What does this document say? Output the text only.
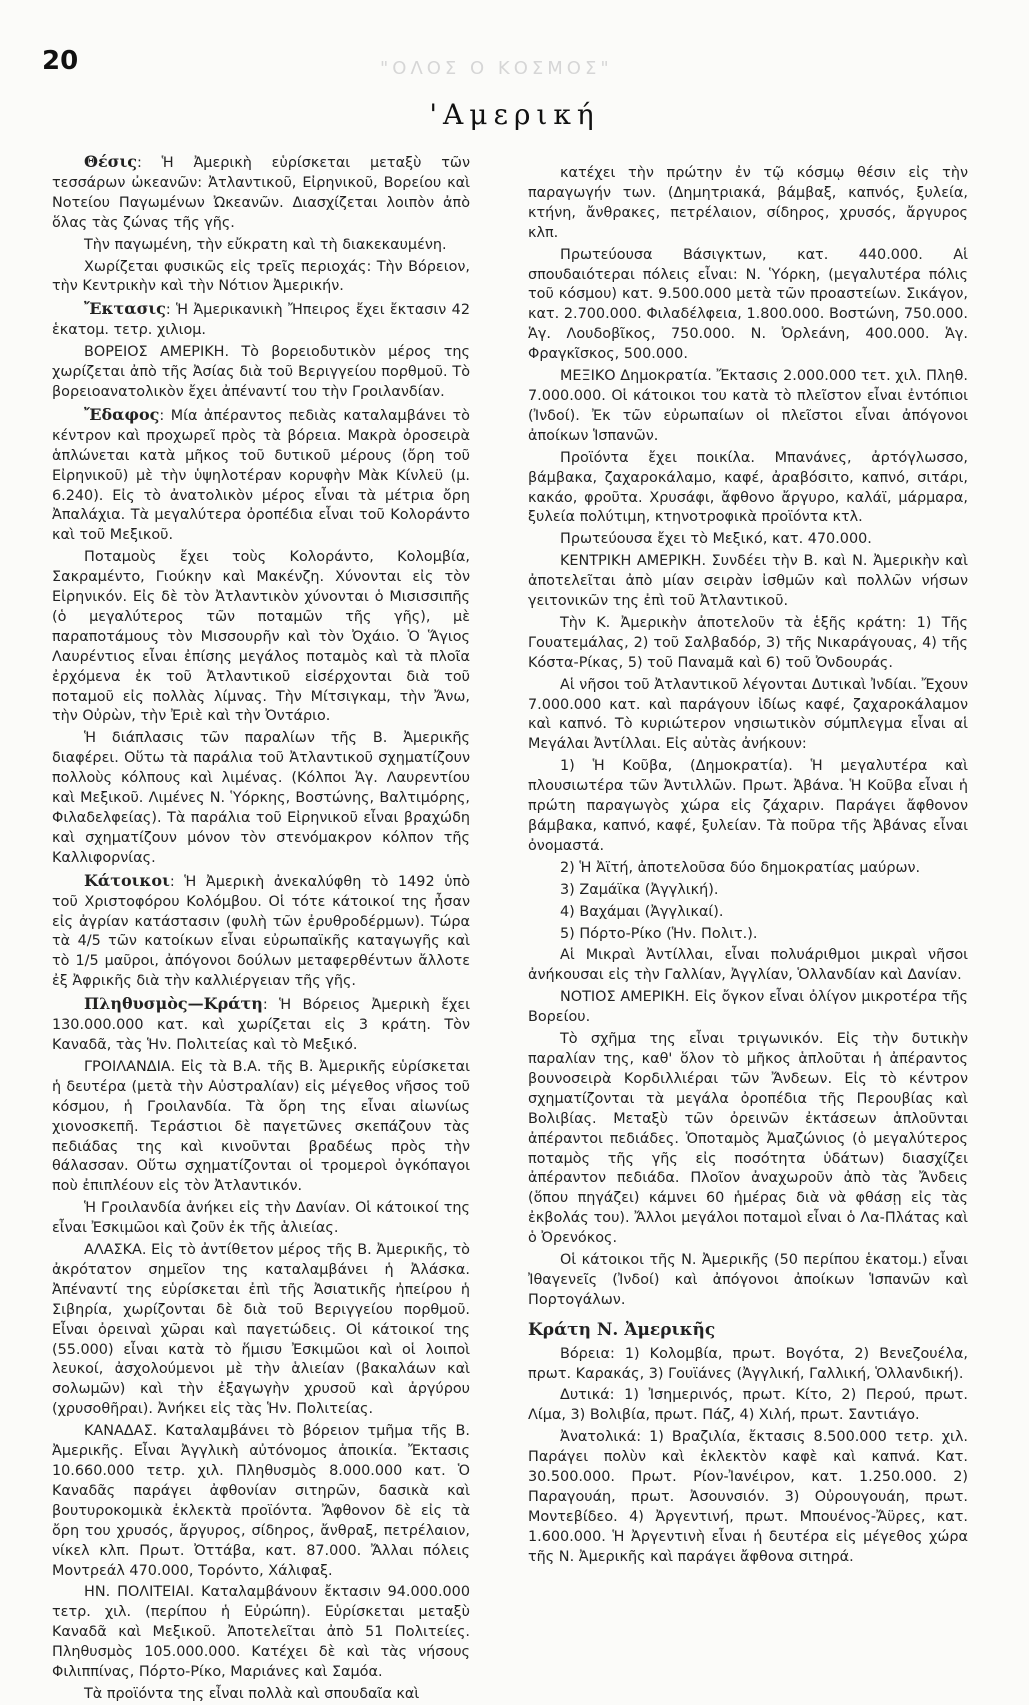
20	"ΟΛΟΣ Ο ΚΟΣΜΟΣ"
'Αμερική

Θέσις: Ἡ Ἀμερικὴ εὑρίσκεται μεταξὺ τῶν τεσσάρων ὠκεανῶν: Ἀτλαντικοῦ, Εἰρηνικοῦ, Βορείου καὶ Νοτείου Παγωμένων Ὠκεανῶν. Διασχίζεται λοιπὸν ἀπὸ ὅλας τὰς ζώνας τῆς γῆς.

Τὴν παγωμένη, τὴν εὔκρατη καὶ τὴ διακεκαυμένη.

Χωρίζεται φυσικῶς εἰς τρεῖς περιοχάς: Τὴν Βόρειον, τὴν Κεντρικὴν καὶ τὴν Νότιον Ἀμερικήν.

Ἔκτασις: Ἡ Ἀμερικανικὴ Ἤπειρος ἔχει ἔκτασιν 42 ἑκατομ. τετρ. χιλιομ.

ΒΟΡΕΙΟΣ ΑΜΕΡΙΚΗ. Τὸ βορειοδυτικὸν μέρος της χωρίζεται ἀπὸ τῆς Ἀσίας διὰ τοῦ Βεριγγείου πορθμοῦ. Τὸ βορειοανατολικὸν ἔχει ἀπέναντί του τὴν Γροιλανδίαν.

Ἔδαφος: Μία ἀπέραντος πεδιὰς καταλαμβάνει τὸ κέντρον καὶ προχωρεῖ πρὸς τὰ βόρεια. Μακρὰ ὀροσειρὰ ἁπλώνεται κατὰ μῆκος τοῦ δυτικοῦ μέρους (ὄρη τοῦ Εἰρηνικοῦ) μὲ τὴν ὑψηλοτέραν κορυφὴν Μὰκ Κίνλεϋ (μ. 6.240). Εἰς τὸ ἀνατολικὸν μέρος εἶναι τὰ μέτρια ὄρη Ἀπαλάχια. Τὰ μεγαλύτερα ὀροπέδια εἶναι τοῦ Κολοράντο καὶ τοῦ Μεξικοῦ.

Ποταμοὺς ἔχει τοὺς Κολοράντο, Κολομβία, Σακραμέντο, Γιούκην καὶ Μακένζη. Χύνονται εἰς τὸν Εἰρηνικόν. Εἰς δὲ τὸν Ἀτλαντικὸν χύνονται ὁ Μισισσιπῆς (ὁ μεγαλύτερος τῶν ποταμῶν τῆς γῆς), μὲ παραποτάμους τὸν Μισσουρῆν καὶ τὸν Ὀχάιο. Ὁ Ἅγιος Λαυρέντιος εἶναι ἐπίσης μεγάλος ποταμὸς καὶ τὰ πλοῖα ἐρχόμενα ἐκ τοῦ Ἀτλαντικοῦ εἰσέρχονται διὰ τοῦ ποταμοῦ εἰς πολλὰς λίμνας. Τὴν Μίτσιγκαμ, τὴν Ἄνω, τὴν Οὐρὼν, τὴν Ἐριὲ καὶ τὴν Ὀντάριο.

Ἡ διάπλασις τῶν παραλίων τῆς Β. Ἀμερικῆς διαφέρει. Οὕτω τὰ παράλια τοῦ Ἀτλαντικοῦ σχηματίζουν πολλοὺς κόλπους καὶ λιμένας. (Κόλποι Ἁγ. Λαυρεντίου καὶ Μεξικοῦ. Λιμένες Ν. Ὑόρκης, Βοστώνης, Βαλτιμόρης, Φιλαδελφείας). Τὰ παράλια τοῦ Εἰρηνικοῦ εἶναι βραχώδη καὶ σχηματίζουν μόνον τὸν στενόμακρον κόλπον τῆς Καλλιφορνίας.

Κάτοικοι: Ἡ Ἀμερικὴ ἀνεκαλύφθη τὸ 1492 ὑπὸ τοῦ Χριστοφόρου Κολόμβου. Οἱ τότε κάτοικοί της ἦσαν εἰς ἀγρίαν κατάστασιν (φυλὴ τῶν ἐρυθροδέρμων). Τώρα τὰ 4/5 τῶν κατοίκων εἶναι εὐρωπαϊκῆς καταγωγῆς καὶ τὸ 1/5 μαῦροι, ἀπόγονοι δούλων μεταφερθέντων ἄλλοτε ἐξ Ἀφρικῆς διὰ τὴν καλλιέργειαν τῆς γῆς.

Πληθυσμὸς—Κράτη: Ἡ Βόρειος Ἀμερικὴ ἔχει 130.000.000 κατ. καὶ χωρίζεται εἰς 3 κράτη. Τὸν Καναδᾶ, τὰς Ἡν. Πολιτείας καὶ τὸ Μεξικό.

ΓΡΟΙΛΑΝΔΙΑ. Εἰς τὰ Β.Α. τῆς Β. Ἀμερικῆς εὑρίσκεται ἡ δευτέρα (μετὰ τὴν Αὐστραλίαν) εἰς μέγεθος νῆσος τοῦ κόσμου, ἡ Γροιλανδία. Τὰ ὄρη της εἶναι αἰωνίως χιονοσκεπῆ. Τεράστιοι δὲ παγετῶνες σκεπάζουν τὰς πεδιάδας της καὶ κινοῦνται βραδέως πρὸς τὴν θάλασσαν. Οὕτω σχηματίζονται οἱ τρομεροὶ ὀγκόπαγοι ποὺ ἐπιπλέουν εἰς τὸν Ἀτλαντικόν.

Ἡ Γροιλανδία ἀνήκει εἰς τὴν Δανίαν. Οἱ κάτοικοί της εἶναι Ἐσκιμῶοι καὶ ζοῦν ἐκ τῆς ἁλιείας.

ΑΛΑΣΚΑ. Εἰς τὸ ἀντίθετον μέρος τῆς Β. Ἀμερικῆς, τὸ ἀκρότατον σημεῖον της καταλαμβάνει ἡ Ἀλάσκα. Ἀπέναντί της εὑρίσκεται ἐπὶ τῆς Ἀσιατικῆς ἠπείρου ἡ Σιβηρία, χωρίζονται δὲ διὰ τοῦ Βεριγγείου πορθμοῦ. Εἶναι ὀρειναὶ χῶραι καὶ παγετώδεις. Οἱ κάτοικοί της (55.000) εἶναι κατὰ τὸ ἥμισυ Ἐσκιμῶοι καὶ οἱ λοιποὶ λευκοί, ἀσχολούμενοι μὲ τὴν ἁλιείαν (βακαλάων καὶ σολωμῶν) καὶ τὴν ἐξαγωγὴν χρυσοῦ καὶ ἀργύρου (χρυσοθῆραι). Ἀνήκει εἰς τὰς Ἡν. Πολιτείας.

ΚΑΝΑΔΑΣ. Καταλαμβάνει τὸ βόρειον τμῆμα τῆς Β. Ἀμερικῆς. Εἶναι Ἀγγλικὴ αὐτόνομος ἀποικία. Ἔκτασις 10.660.000 τετρ. χιλ. Πληθυσμὸς 8.000.000 κατ. Ὁ Καναδᾶς παράγει ἀφθονίαν σιτηρῶν, δασικὰ καὶ βουτυροκομικὰ ἐκλεκτὰ προϊόντα. Ἄφθονον δὲ εἰς τὰ ὄρη του χρυσός, ἄργυρος, σίδηρος, ἄνθραξ, πετρέλαιον, νίκελ κλπ. Πρωτ. Ὀττάβα, κατ. 87.000. Ἄλλαι πόλεις Μοντρεάλ 470.000, Τορόντο, Χάλιφαξ.

ΗΝ. ΠΟΛΙΤΕΙΑΙ. Καταλαμβάνουν ἔκτασιν 94.000.000 τετρ. χιλ. (περίπου ἡ Εὐρώπη). Εὑρίσκεται μεταξὺ Καναδᾶ καὶ Μεξικοῦ. Ἀποτελεῖται ἀπὸ 51 Πολιτείες. Πληθυσμὸς 105.000.000. Κατέχει δὲ καὶ τὰς νήσους Φιλιππίνας, Πόρτο-Ρίκο, Μαριάνες καὶ Σαμόα.

Τὰ προϊόντα της εἶναι πολλὰ καὶ σπουδαῖα καὶ

κατέχει τὴν πρώτην ἐν τῷ κόσμῳ θέσιν εἰς τὴν παραγωγήν των. (Δημητριακά, βάμβαξ, καπνός, ξυλεία, κτήνη, ἄνθρακες, πετρέλαιον, σίδηρος, χρυσός, ἄργυρος κλπ.

Πρωτεύουσα Βάσιγκτων, κατ. 440.000. Αἱ σπουδαιότεραι πόλεις εἶναι: Ν. Ὑόρκη, (μεγαλυτέρα πόλις τοῦ κόσμου) κατ. 9.500.000 μετὰ τῶν προαστείων. Σικάγον, κατ. 2.700.000. Φιλαδέλφεια, 1.800.000. Βοστώνη, 750.000. Ἁγ. Λουδοβῖκος, 750.000. Ν. Ὀρλεάνη, 400.000. Ἁγ. Φραγκῖσκος, 500.000.

ΜΕΞΙΚΟ Δημοκρατία. Ἔκτασις 2.000.000 τετ. χιλ. Πληθ. 7.000.000. Οἱ κάτοικοι του κατὰ τὸ πλεῖστον εἶναι ἐντόπιοι (Ἰνδοί). Ἐκ τῶν εὐρωπαίων οἱ πλεῖστοι εἶναι ἀπόγονοι ἀποίκων Ἱσπανῶν.

Προϊόντα ἔχει ποικίλα. Μπανάνες, ἀρτόγλωσσο, βάμβακα, ζαχαροκάλαμο, καφέ, ἀραβόσιτο, καπνό, σιτάρι, κακάο, φροῦτα. Χρυσάφι, ἄφθονο ἄργυρο, καλάϊ, μάρμαρα, ξυλεία πολύτιμη, κτηνοτροφικὰ προϊόντα κτλ.

Πρωτεύουσα ἔχει τὸ Μεξικό, κατ. 470.000.

ΚΕΝΤΡΙΚΗ ΑΜΕΡΙΚΗ. Συνδέει τὴν Β. καὶ Ν. Ἀμερικὴν καὶ ἀποτελεῖται ἀπὸ μίαν σειρὰν ἰσθμῶν καὶ πολλῶν νήσων γειτονικῶν της ἐπὶ τοῦ Ἀτλαντικοῦ.

Τὴν Κ. Ἀμερικὴν ἀποτελοῦν τὰ ἑξῆς κράτη: 1) Τῆς Γουατεμάλας, 2) τοῦ Σαλβαδόρ, 3) τῆς Νικαράγουας, 4) τῆς Κόστα-Ρίκας, 5) τοῦ Παναμᾶ καὶ 6) τοῦ Ὀνδουράς.

Αἱ νῆσοι τοῦ Ἀτλαντικοῦ λέγονται Δυτικαὶ Ἰνδίαι. Ἔχουν 7.000.000 κατ. καὶ παράγουν ἰδίως καφέ, ζαχαροκάλαμον καὶ καπνό. Τὸ κυριώτερον νησιωτικὸν σύμπλεγμα εἶναι αἱ Μεγάλαι Ἀντίλλαι. Εἰς αὐτὰς ἀνήκουν:

1) Ἡ Κοῦβα, (Δημοκρατία). Ἡ μεγαλυτέρα καὶ πλουσιωτέρα τῶν Ἀντιλλῶν. Πρωτ. Ἀβάνα. Ἡ Κοῦβα εἶναι ἡ πρώτη παραγωγὸς χώρα εἰς ζάχαριν. Παράγει ἄφθονον βάμβακα, καπνό, καφέ, ξυλείαν. Τὰ ποῦρα τῆς Ἀβάνας εἶναι ὀνομαστά.

2) Ἡ Ἀϊτή, ἀποτελοῦσα δύο δημοκρατίας μαύρων.

3) Ζαμάϊκα (Ἀγγλική).

4) Βαχάμαι (Ἀγγλικαί).

5) Πόρτο-Ρίκο (Ἡν. Πολιτ.).

Αἱ Μικραὶ Ἀντίλλαι, εἶναι πολυάριθμοι μικραὶ νῆσοι ἀνήκουσαι εἰς τὴν Γαλλίαν, Ἀγγλίαν, Ὁλλανδίαν καὶ Δανίαν.

ΝΟΤΙΟΣ ΑΜΕΡΙΚΗ. Εἰς ὄγκον εἶναι ὀλίγον μικροτέρα τῆς Βορείου.

Τὸ σχῆμα της εἶναι τριγωνικόν. Εἰς τὴν δυτικὴν παραλίαν της, καθ' ὅλον τὸ μῆκος ἁπλοῦται ἡ ἀπέραντος βουνοσειρὰ Κορδιλλιέραι τῶν Ἄνδεων. Εἰς τὸ κέντρον σχηματίζονται τὰ μεγάλα ὀροπέδια τῆς Περουβίας καὶ Βολιβίας. Μεταξὺ τῶν ὀρεινῶν ἐκτάσεων ἁπλοῦνται ἀπέραντοι πεδιάδες. Ὁποταμὸς Ἀμαζώνιος (ὁ μεγαλύτερος ποταμὸς τῆς γῆς εἰς ποσότητα ὑδάτων) διασχίζει ἀπέραντον πεδιάδα. Πλοῖον ἀναχωροῦν ἀπὸ τὰς Ἄνδεις (ὅπου πηγάζει) κάμνει 60 ἡμέρας διὰ νὰ φθάσῃ εἰς τὰς ἐκβολάς του). Ἄλλοι μεγάλοι ποταμοὶ εἶναι ὁ Λα-Πλάτας καὶ ὁ Ὀρενόκος.

Οἱ κάτοικοι τῆς Ν. Ἀμερικῆς (50 περίπου ἑκατομ.) εἶναι Ἰθαγενεῖς (Ἰνδοί) καὶ ἀπόγονοι ἀποίκων Ἱσπανῶν καὶ Πορτογάλων.

Κράτη Ν. Ἀμερικῆς

Βόρεια: 1) Κολομβία, πρωτ. Βογότα, 2) Βενεζουέλα, πρωτ. Καρακάς, 3) Γουϊάνες (Ἀγγλική, Γαλλική, Ὁλλανδική).

Δυτικά: 1) Ἰσημερινός, πρωτ. Κίτο, 2) Περού, πρωτ. Λίμα, 3) Βολιβία, πρωτ. Πάζ, 4) Χιλή, πρωτ. Σαντιάγο.

Ἀνατολικά: 1) Βραζιλία, ἔκτασις 8.500.000 τετρ. χιλ. Παράγει πολὺν καὶ ἐκλεκτὸν καφὲ καὶ καπνά. Κατ. 30.500.000. Πρωτ. Ρίον-Ἰανέιρον, κατ. 1.250.000. 2) Παραγουάη, πρωτ. Ἀσουνσιόν. 3) Οὐρουγουάη, πρωτ. Μοντεβίδεο. 4) Ἀργεντινή, πρωτ. Μπουένος-Ἄϋρες, κατ. 1.600.000. Ἡ Ἀργεντινὴ εἶναι ἡ δευτέρα εἰς μέγεθος χώρα τῆς Ν. Ἀμερικῆς καὶ παράγει ἄφθονα σιτηρά.
